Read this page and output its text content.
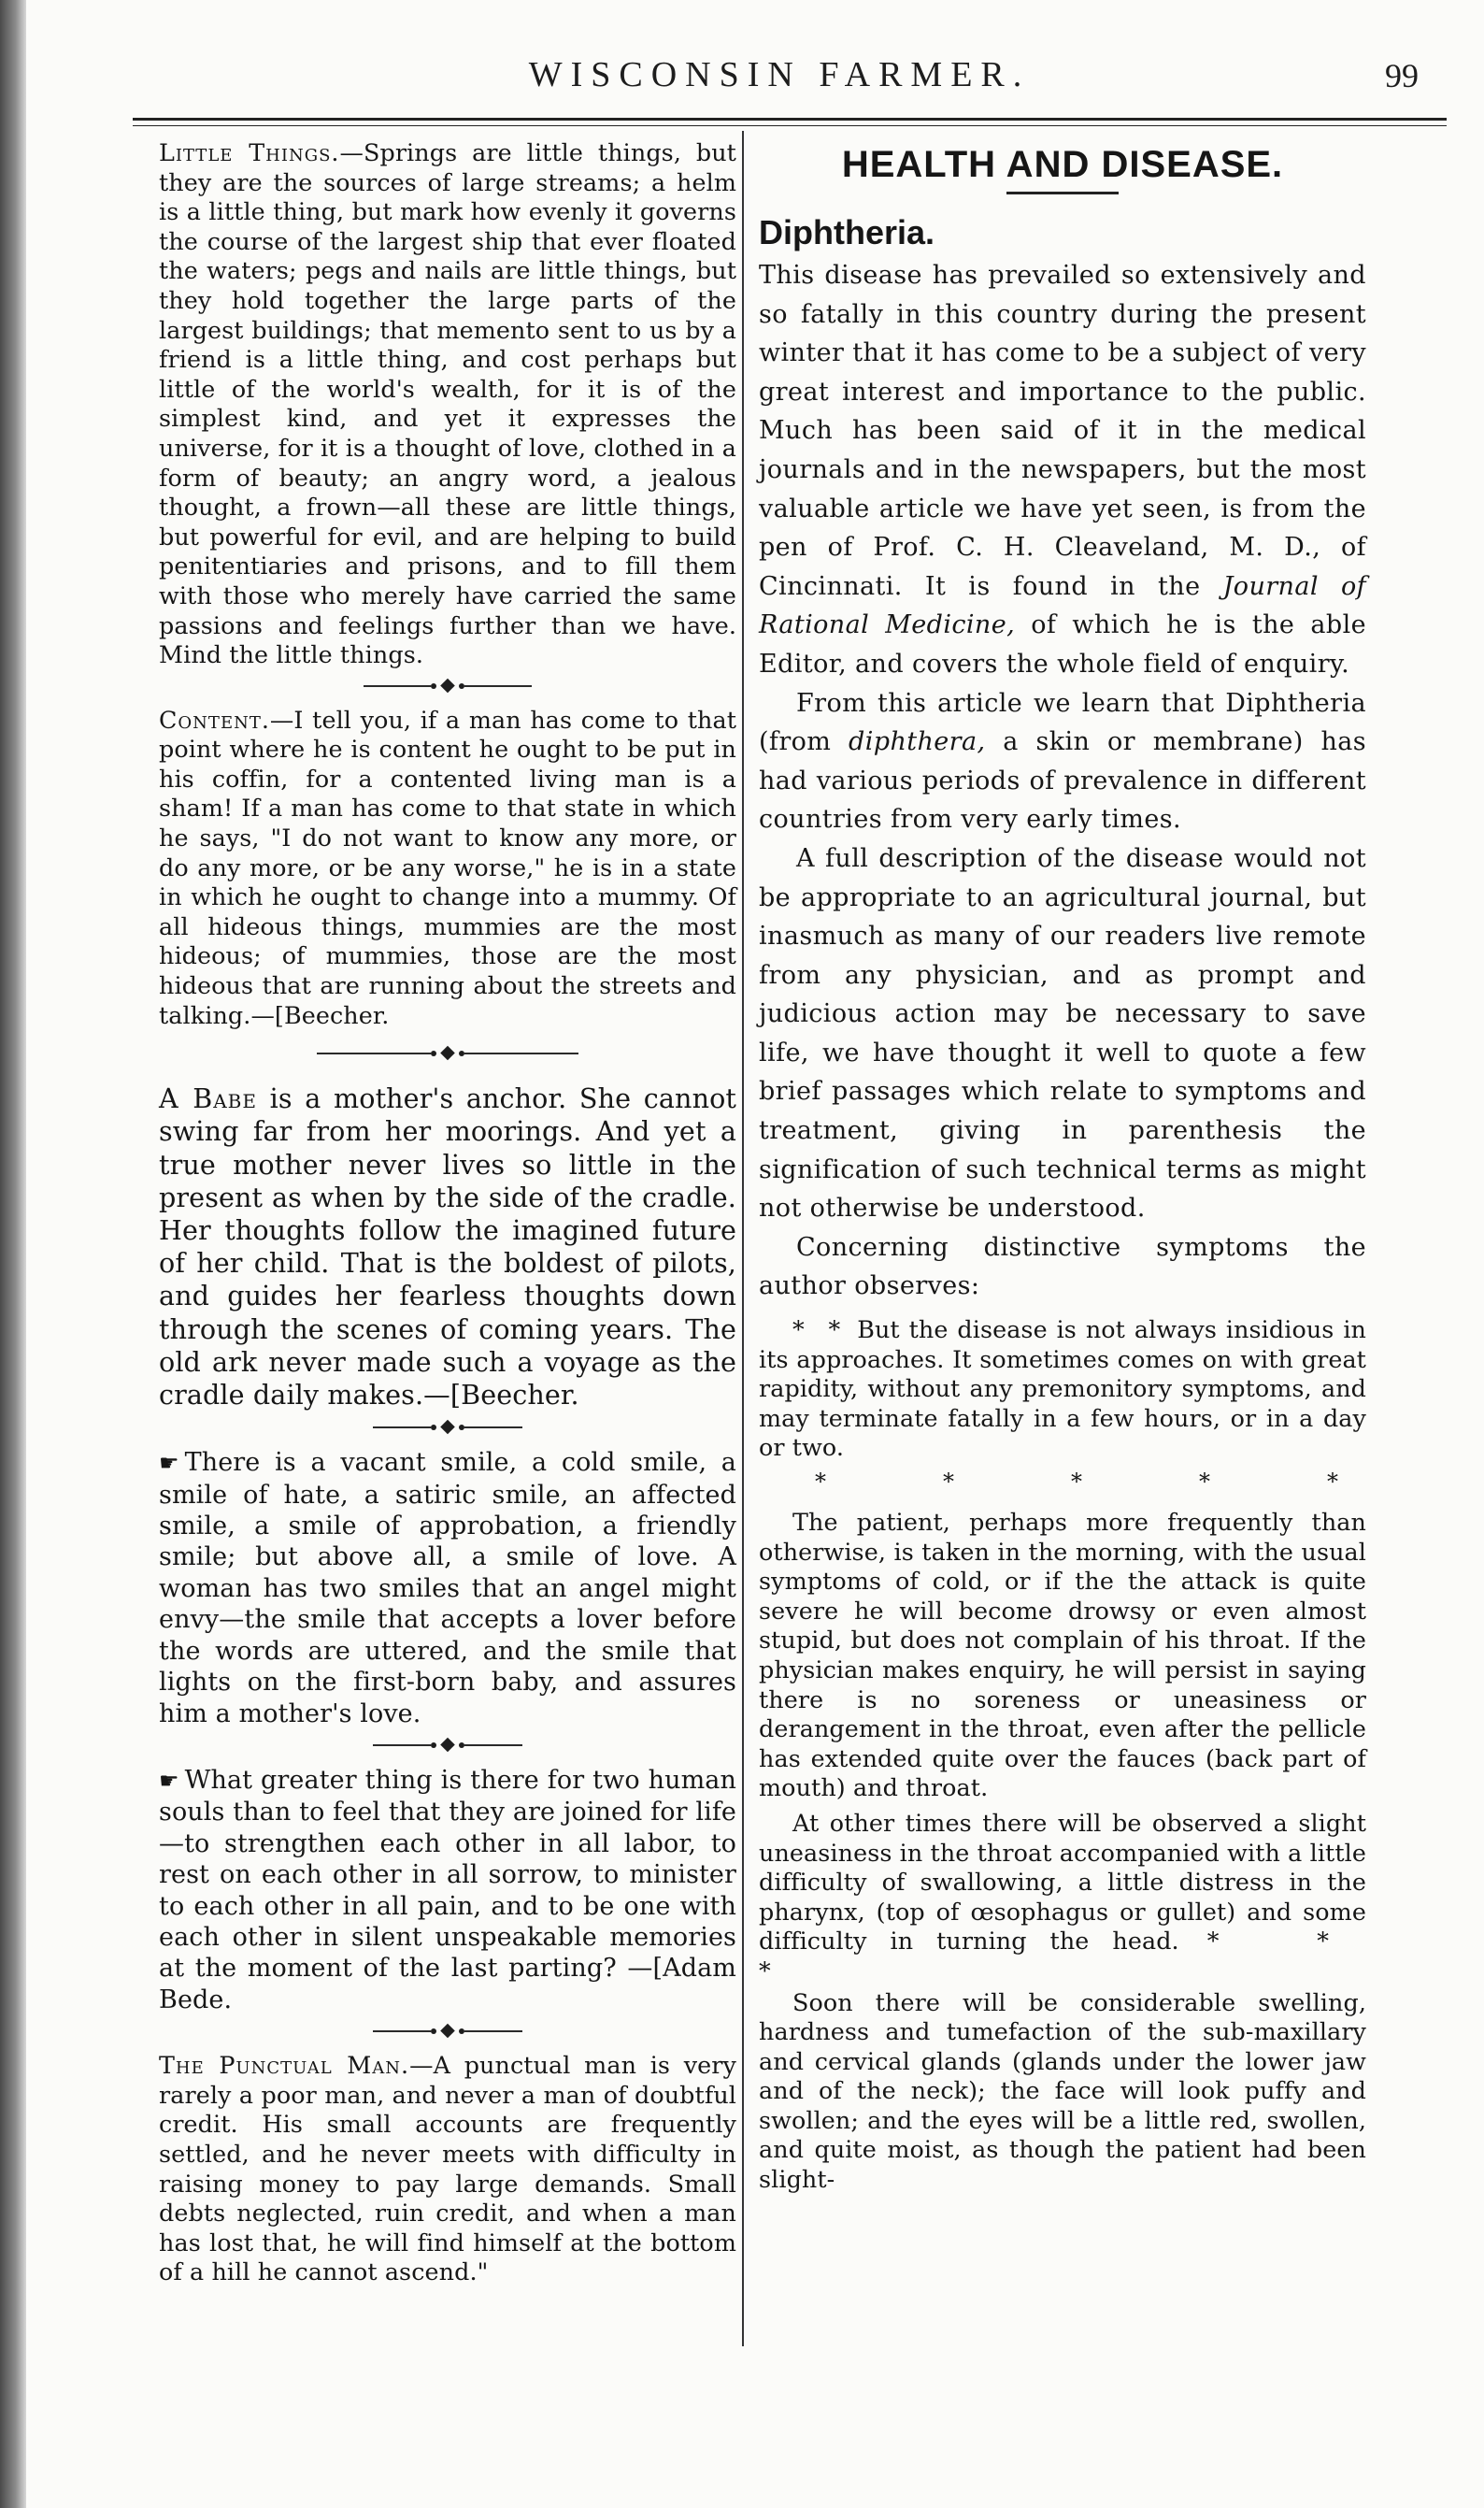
WISCONSIN FARMER.	99

Little Things.—Springs are little things, but they are the sources of large streams; a helm is a little thing, but mark how evenly it governs the course of the largest ship that ever floated the waters; pegs and nails are little things, but they hold together the large parts of the largest buildings; that memento sent to us by a friend is a little thing, and cost perhaps but little of the world's wealth, for it is of the simplest kind, and yet it expresses the universe, for it is a thought of love, clothed in a form of beauty; an angry word, a jealous thought, a frown—all these are little things, but powerful for evil, and are helping to build penitentiaries and prisons, and to fill them with those who merely have carried the same passions and feelings further than we have. Mind the little things.

Content.—I tell you, if a man has come to that point where he is content he ought to be put in his coffin, for a contented living man is a sham! If a man has come to that state in which he says, "I do not want to know any more, or do any more, or be any worse," he is in a state in which he ought to change into a mummy. Of all hideous things, mummies are the most hideous; of mummies, those are the most hideous that are running about the streets and talking.—[Beecher.

A Babe is a mother's anchor. She cannot swing far from her moorings. And yet a true mother never lives so little in the present as when by the side of the cradle. Her thoughts follow the imagined future of her child. That is the boldest of pilots, and guides her fearless thoughts down through the scenes of coming years. The old ark never made such a voyage as the cradle daily makes.—[Beecher.

☛ There is a vacant smile, a cold smile, a smile of hate, a satiric smile, an affected smile, a smile of approbation, a friendly smile; but above all, a smile of love. A woman has two smiles that an angel might envy—the smile that accepts a lover before the words are uttered, and the smile that lights on the first-born baby, and assures him a mother's love.

☛ What greater thing is there for two human souls than to feel that they are joined for life—to strengthen each other in all labor, to rest on each other in all sorrow, to minister to each other in all pain, and to be one with each other in silent unspeakable memories at the moment of the last parting? —[Adam Bede.

The Punctual Man.—A punctual man is very rarely a poor man, and never a man of doubtful credit. His small accounts are frequently settled, and he never meets with difficulty in raising money to pay large demands. Small debts neglected, ruin credit, and when a man has lost that, he will find himself at the bottom of a hill he cannot ascend."

HEALTH AND DISEASE.
Diphtheria.

This disease has prevailed so extensively and so fatally in this country during the present winter that it has come to be a subject of very great interest and importance to the public. Much has been said of it in the medical journals and in the newspapers, but the most valuable article we have yet seen, is from the pen of Prof. C. H. Cleaveland, M. D., of Cincinnati. It is found in the Journal of Rational Medicine, of which he is the able Editor, and covers the whole field of enquiry.

From this article we learn that Diphtheria (from diphthera, a skin or membrane) has had various periods of prevalence in different countries from very early times.

A full description of the disease would not be appropriate to an agricultural journal, but inasmuch as many of our readers live remote from any physician, and as prompt and judicious action may be necessary to save life, we have thought it well to quote a few brief passages which relate to symptoms and treatment, giving in parenthesis the signification of such technical terms as might not otherwise be understood.

Concerning distinctive symptoms the author observes:

* * But the disease is not always insidious in its approaches. It sometimes comes on with great rapidity, without any premonitory symptoms, and may terminate fatally in a few hours, or in a day or two.

*	*	*	*	*

The patient, perhaps more frequently than otherwise, is taken in the morning, with the usual symptoms of cold, or if the the attack is quite severe he will become drowsy or even almost stupid, but does not complain of his throat. If the physician makes enquiry, he will persist in saying there is no soreness or uneasiness or derangement in the throat, even after the pellicle has extended quite over the fauces (back part of mouth) and throat.

At other times there will be observed a slight uneasiness in the throat accompanied with a little difficulty of swallowing, a little distress in the pharynx, (top of œsophagus or gullet) and some difficulty in turning the head. * * *

Soon there will be considerable swelling, hardness and tumefaction of the sub-maxillary and cervical glands (glands under the lower jaw and of the neck); the face will look puffy and swollen; and the eyes will be a little red, swollen, and quite moist, as though the patient had been slight-
